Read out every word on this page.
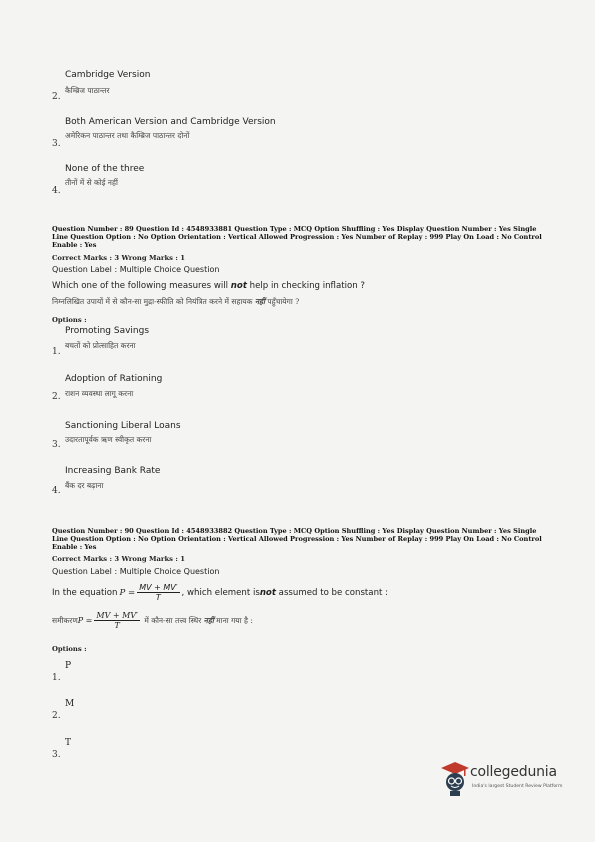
Cambridge Version
2.
कैम्ब्रिज पाठान्तर
Both American Version and Cambridge Version
3.
अमेरिकन पाठान्तर तथा कैम्ब्रिज पाठान्तर दोनों
None of the three
4.
तीनों में से कोई नहीं
Question Number : 89 Question Id : 4548933881 Question Type : MCQ Option Shuffling : Yes Display Question Number : Yes Single Line Question Option : No Option Orientation : Vertical Allowed Progression : Yes Number of Replay : 999 Play On Load : No Control Enable : Yes
Correct Marks : 3 Wrong Marks : 1
Question Label : Multiple Choice Question
Which one of the following measures will not help in checking inflation ?
निम्नलिखित उपायों में से कौन-सा मुद्रा-स्फीति को नियंत्रित करने में सहायक नहीं पहुँचायेगा ?
Options :
Promoting Savings
बचतों को प्रोत्साहित करना
1.
Adoption of Rationing
राशन व्यवस्था लागू करना
2.
Sanctioning Liberal Loans
उदारतापूर्वक ऋण स्वीकृत करना
3.
Increasing Bank Rate
बैंक दर बढ़ाना
4.
Question Number : 90 Question Id : 4548933882 Question Type : MCQ Option Shuffling : Yes Display Question Number : Yes Single Line Question Option : No Option Orientation : Vertical Allowed Progression : Yes Number of Replay : 999 Play On Load : No Control Enable : Yes
Correct Marks : 3 Wrong Marks : 1
Question Label : Multiple Choice Question
In the equation $P = \frac{MV + MV'}{T}$ , which element is not assumed to be constant :
समीकरण $P = \frac{MV + MV'}{T}$ में कौन-सा तत्त्व स्थिर नहीं माना गया है :
Options :
P
1.
M
2.
T
3.
collegedunia
India's largest Student Review Platform
